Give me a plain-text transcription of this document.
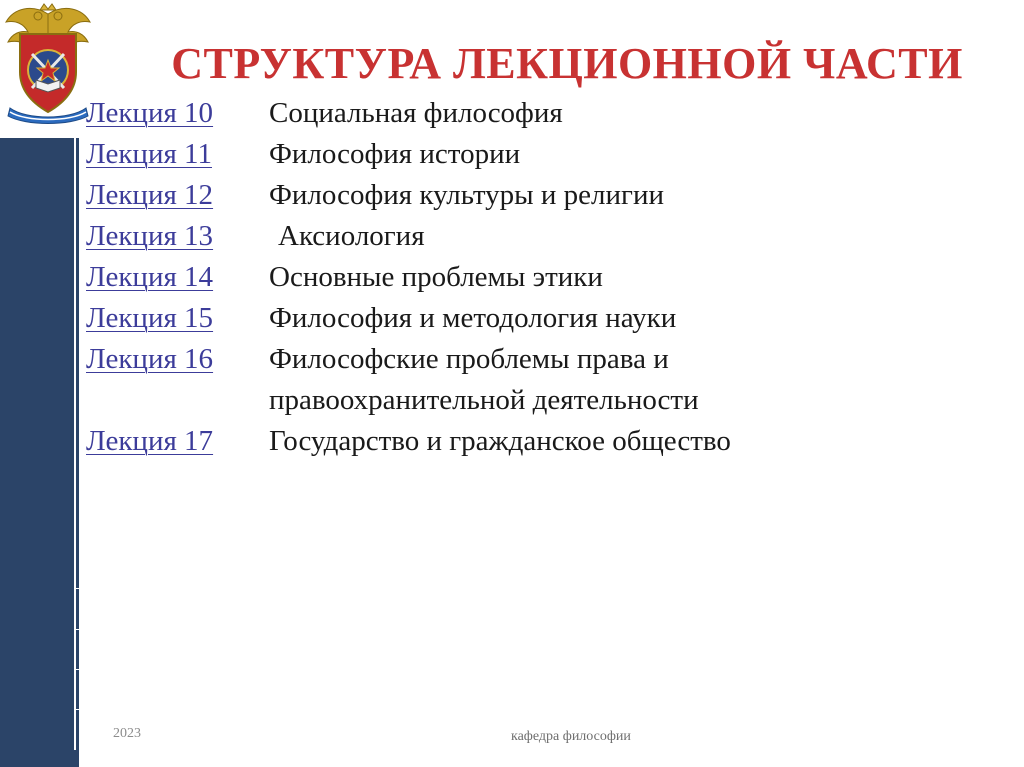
СТРУКТУРА ЛЕКЦИОННОЙ ЧАСТИ
Лекция 10	Социальная философия
Лекция 11	Философия истории
Лекция 12	Философия культуры и религии
Лекция 13	Аксиология
Лекция 14	Основные проблемы этики
Лекция 15	Философия и методология науки
Лекция 16	Философские проблемы права и правоохранительной деятельности
Лекция 17	Государство и гражданское общество
2023	кафедра философии
